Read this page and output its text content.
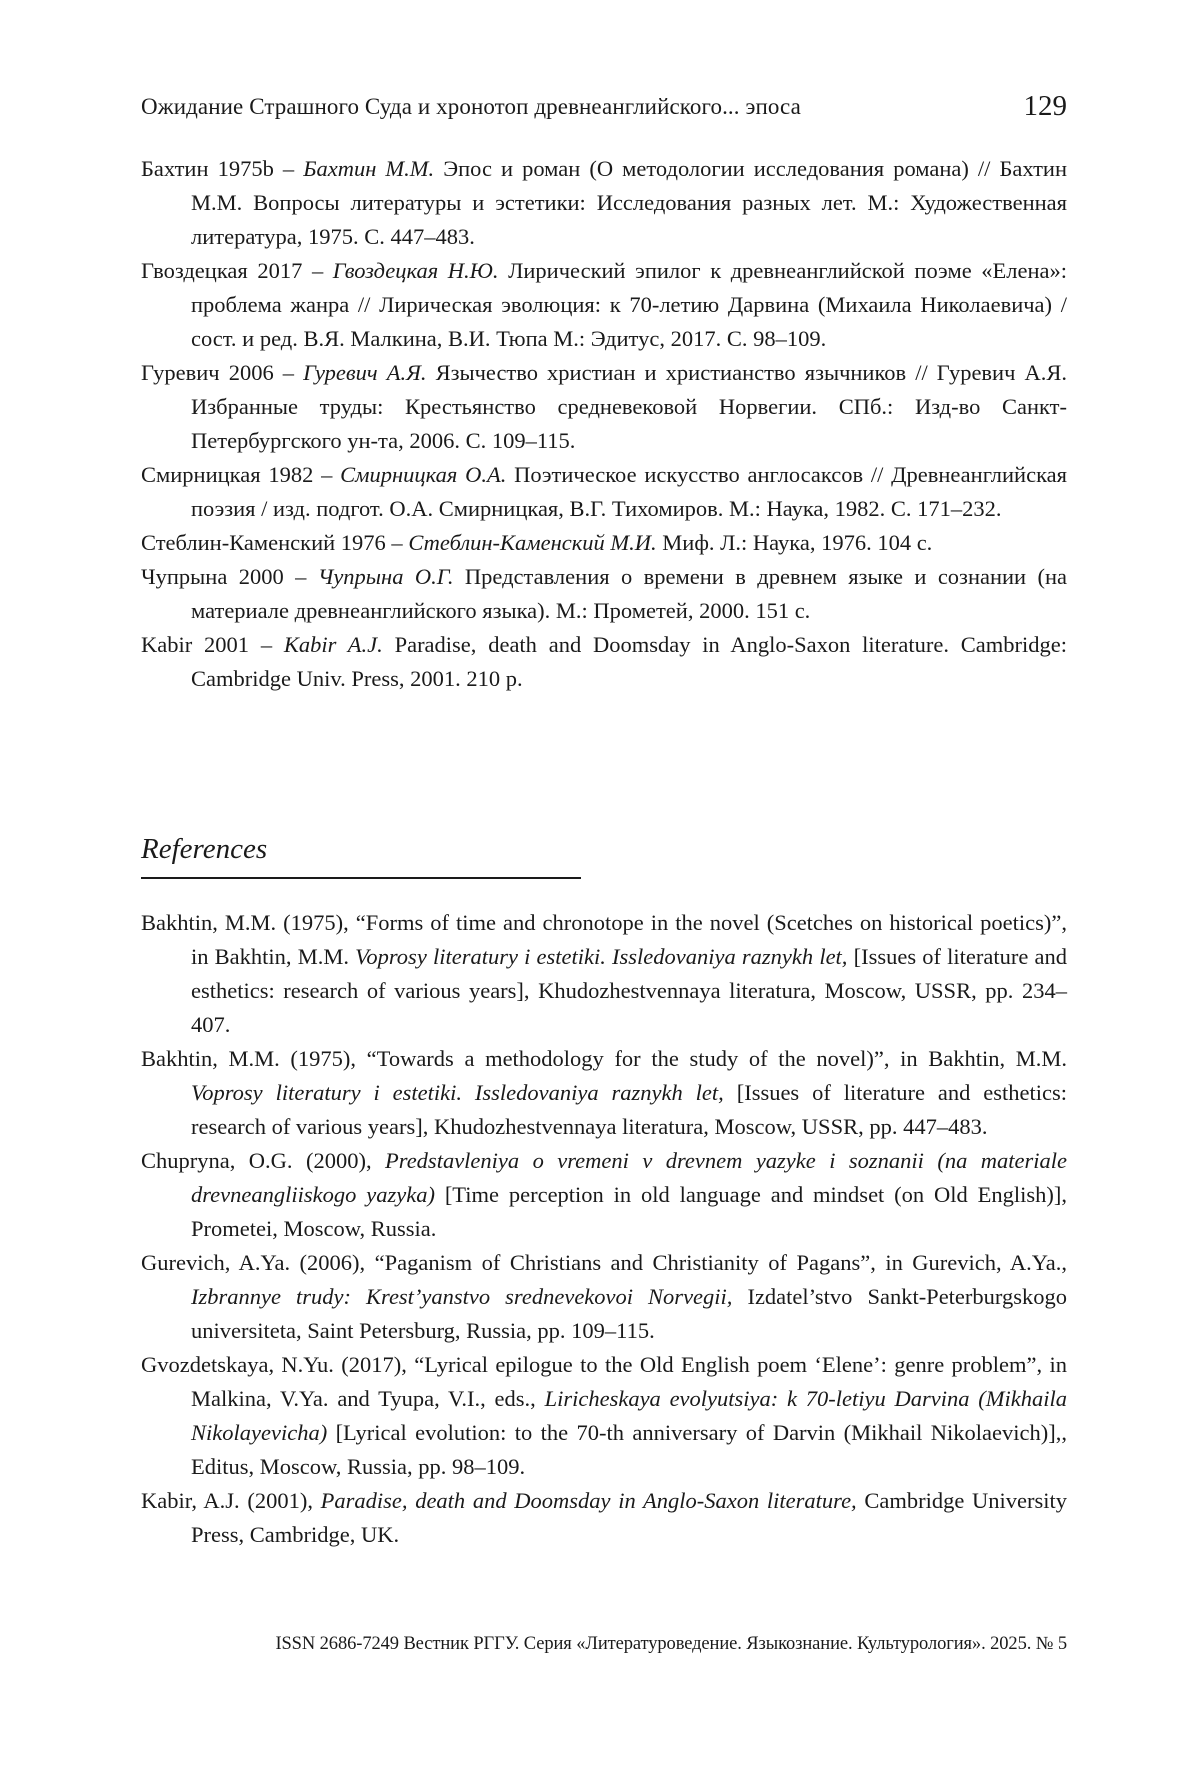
Ожидание Страшного Суда и хронотоп древнеанглийского... эпоса	129

Бахтин 1975b – Бахтин М.М. Эпос и роман (О методологии исследования романа) // Бахтин М.М. Вопросы литературы и эстетики: Исследования разных лет. М.: Художественная литература, 1975. С. 447–483.

Гвоздецкая 2017 – Гвоздецкая Н.Ю. Лирический эпилог к древнеанглийской поэме «Елена»: проблема жанра // Лирическая эволюция: к 70-летию Дарвина (Михаила Николаевича) / сост. и ред. В.Я. Малкина, В.И. Тюпа М.: Эдитус, 2017. С. 98–109.

Гуревич 2006 – Гуревич А.Я. Язычество христиан и христианство язычников // Гуревич А.Я. Избранные труды: Крестьянство средневековой Норвегии. СПб.: Изд-во Санкт-Петербургского ун-та, 2006. С. 109–115.

Смирницкая 1982 – Смирницкая О.А. Поэтическое искусство англосаксов // Древнеанглийская поэзия / изд. подгот. О.А. Смирницкая, В.Г. Тихомиров. М.: Наука, 1982. С. 171–232.

Стеблин-Каменский 1976 – Стеблин-Каменский М.И. Миф. Л.: Наука, 1976. 104 с.

Чупрына 2000 – Чупрына О.Г. Представления о времени в древнем языке и сознании (на материале древнеанглийского языка). М.: Прометей, 2000. 151 с.

Kabir 2001 – Kabir A.J. Paradise, death and Doomsday in Anglo-Saxon literature. Cambridge: Cambridge Univ. Press, 2001. 210 p.

References

Bakhtin, M.M. (1975), “Forms of time and chronotope in the novel (Scetches on historical poetics)”, in Bakhtin, M.M. Voprosy literatury i estetiki. Issledovaniya raznykh let, [Issues of literature and esthetics: research of various years], Khudozhestvennaya literatura, Moscow, USSR, pp. 234–407.

Bakhtin, M.M. (1975), “Towards a methodology for the study of the novel)”, in Bakhtin, M.M. Voprosy literatury i estetiki. Issledovaniya raznykh let, [Issues of literature and esthetics: research of various years], Khudozhestvennaya literatura, Moscow, USSR, pp. 447–483.

Chupryna, O.G. (2000), Predstavleniya o vremeni v drevnem yazyke i soznanii (na materiale drevneangliiskogo yazyka) [Time perception in old language and mindset (on Old English)], Prometei, Moscow, Russia.

Gurevich, A.Ya. (2006), “Paganism of Christians and Christianity of Pagans”, in Gurevich, A.Ya., Izbrannye trudy: Krest’yanstvo srednevekovoi Norvegii, Izdatel’stvo Sankt-Peterburgskogo universiteta, Saint Petersburg, Russia, pp. 109–115.

Gvozdetskaya, N.Yu. (2017), “Lyrical epilogue to the Old English poem ‘Elene’: genre problem”, in Malkina, V.Ya. and Tyupa, V.I., eds., Liricheskaya evolyutsiya: k 70-letiyu Darvina (Mikhaila Nikolayevicha) [Lyrical evolution: to the 70-th anniversary of Darvin (Mikhail Nikolaevich)],, Editus, Moscow, Russia, pp. 98–109.

Kabir, A.J. (2001), Paradise, death and Doomsday in Anglo-Saxon literature, Cambridge University Press, Cambridge, UK.

ISSN 2686-7249 Вестник РГГУ. Серия «Литературоведение. Языкознание. Культурология». 2025. № 5
